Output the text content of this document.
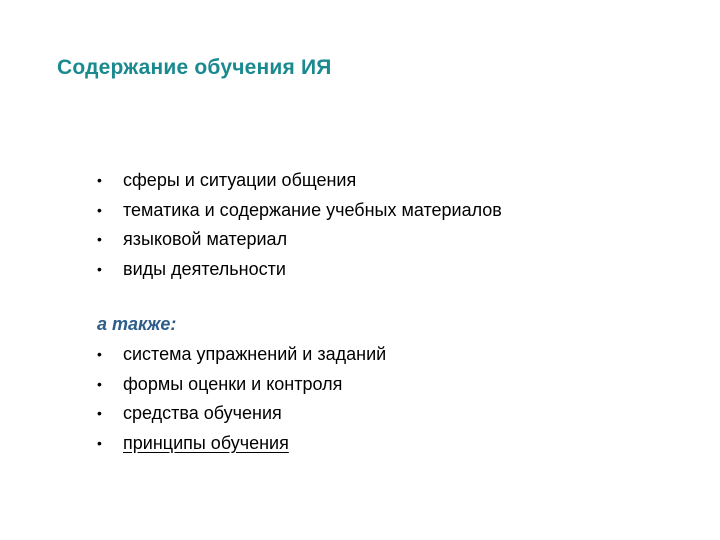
Содержание обучения ИЯ
•	сферы и ситуации общения
•	тематика и содержание учебных материалов
•	языковой материал
•	виды деятельности
а также:
•	система упражнений и заданий
•	формы оценки и контроля
•	средства обучения
•	принципы обучения
